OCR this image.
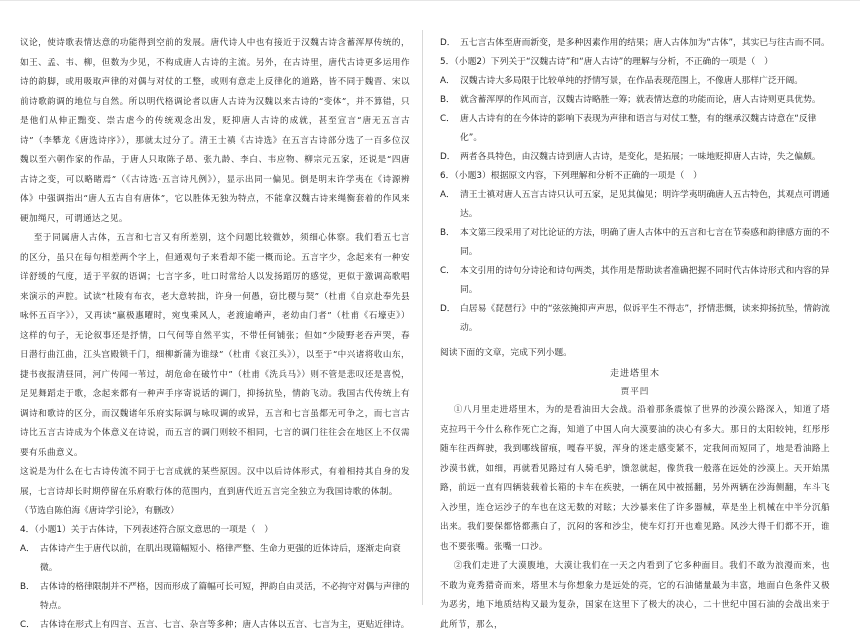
议论，使诗歌表情达意的功能得到空前的发展。唐代诗人中也有接近于汉魏古诗含蓄浑厚传统的，如王、孟、韦、柳，但数为少见，不构成唐人古诗的主流。另外，在古诗里，唐代古诗更多运用作诗的韵脚，或用吸取声律的对偶与对仗的工整，或则有意走上反律化的道路，皆不同于魏晋、宋以前诗歌韵调的地位与自然。所以明代格调论者以唐人古诗为汉魏以来古诗的“变体”，并不算错，只是他们从伸正黜变、崇古虐今的传统观念出发，贬抑唐人古诗的成就，甚至宣言“唐无五言古诗”（李攀龙《唐选诗序》），那就太过分了。清王士禛《古诗选》在五言古诗部分选了一百多位汉魏以至六朝作家的作品，于唐人只取陈子昂、张九龄、李白、韦应物、柳宗元五家，还说是“四唐古诗之变，可以略睹焉”（《古诗选·五言诗凡例》），显示出同一偏见。倒是明末许学夷在《诗源辨体》中强调指出“唐人五古自有唐体”，它以胜体无独为特点，不能拿汉魏古诗来绳衡套着的作风来硬加绳尺，可谓通达之见。

至于同属唐人古体，五言和七言又有所差别，这个问题比较微妙，须细心体察。我们看五七言的区分，虽只在每句相差两个字上，但通观句子来看却不能一概而论。五言字少，念起来有一种安详舒缓的气度，适于平叙的语调；七言字多，吐口时常给人以发扬蹈厉的感觉，更似于激调高歌唱来演示的声腔。试读“杜陵有布衣，老大意转拙，许身一何愚，窃比稷与契”（杜甫《自京赴奉先县咏怀五百字》），又再读“羸极惠曜时，宛曳乘风人，老渡逾嵴声，老幼由门者”（杜甫《石壕吏》）这样的句子，无论叙事还是抒情，口气何等自然平实，不带任何铺张；但如“少陵野老吞声哭，春日潜行曲江曲，江头宫殿锁千门，细柳新蒲为谁绿”（杜甫《哀江头》），以至于“中兴诸将收山东，捷书夜报清昼同，河广传闻一苇过，胡危命在破竹中”（杜甫《洗兵马》）则不管是悲叹还是喜悦，足见舞蹈走于歌，念起来都有一种声手序寄说话的调门，抑扬抗坠，情韵飞动。我国古代传统上有调诗和歌诗的区分，而汉魏诸年乐府实际调与咏叹调的或异，五言和七言虽都无可争之，而七言古诗比五言古诗成为个体意义在诗说，而五言的调门则较不相同，七言的调门往往会在地区上不仅需要有乐曲意义。

这说是为什么在七古诗传流不同于七言成就的某些原因。汉中以后诗体形式，有着相持其自身的发展，七言诗却长时期停留在乐府歌行体的范围内，直到唐代近五言完全独立为我国诗歌的体制。

（节选自陈伯海《唐诗学引论》，有删改）

4．（小题1）关于古体诗，下列表述符合原文意思的一项是（　）

A． 古体诗产生于唐代以前，在肌出现篇幅短小、格律严整、生命力更强的近体诗后，逐渐走向衰微。

B． 古体诗的格律限制并不严格，因而形成了篇幅可长可短，押韵自由灵活，不必拘守对偶与声律的特点。

C． 古体诗在形式上有四言、五言、七言、杂言等多种；唐人古体以五言、七言为主，更贴近律诗。

D． 五七言古体至唐而新变，是多种因素作用的结果；唐人古体加为“古体”，其实已与往古而不同。

5．（小题2）下列关于“汉魏古诗”和“唐人古诗”的理解与分析，不正确的一项是（　）

A． 汉魏古诗大多局限于比较单纯的抒情写景，在作品表现范围上，不像唐人那样广泛开阔。

B． 就含蓄浑厚的作风而言，汉魏古诗略胜一筹；就表情达意的功能而论，唐人古诗则更具优势。

C． 唐人古诗有的在今体诗的影响下表现为声律和语言与对仗工整，有的继承汉魏古诗意在“反律化”。

D． 两者各具特色，由汉魏古诗到唐人古诗，是变化，是拓展；一味地贬抑唐人古诗，失之偏颇。

6．（小题3）根据原文内容，下列理解和分析不正确的一项是（　）

A． 清王士禛对唐人五言古诗只认可五家，足见其偏见；明许学夷明确唐人五古特色，其观点可谓通达。

B． 本文第三段采用了对比论证的方法，明确了唐人古体中的五言和七言在节奏感和韵律感方面的不同。

C． 本文引用的诗句分诗论和诗句两类，其作用是帮助读者准确把握不同时代古体诗形式和内容的异同。

D． 白居易《琵琶行》中的“弦弦掩抑声声思，似诉平生不得志”，抒情悲慨，读来抑扬抗坠，情韵流动。

阅读下面的文章，完成下列小题。

走进塔里木

贾平凹

①八月里走进塔里木，为的是看油田大会战。沿着那条震惊了世界的沙漠公路深入，知道了塔克拉玛干今什么称作死亡之海，知道了中国人向大漠要油的决心有多大。那日的太阳较钝，红彤彤随车往西辉驶，我到哪线留痕，嘎春平貌，浑身的迷走感变紧不，定我间而短同了，地是看油路上沙漠书就，如细，再就看见路过有人骑毛驴，馈忽就起，像货我一般落在远处的沙漠上。天开始黑路，前远一直有四辆装载着长箱的卡车在疾驶，一辆在风中被摇翻，另外两辆在沙海侧翻，车斗飞入沙里，连仓运沙子的车也在这无数的对眩；大沙暴来住了许多器械，草是坐上机械在中半分沉船出来。我们要保都恪都燕白了，沉闷的客和沙尘，使车灯打开也难见路。风沙大得千们都不开，谁也不要张嘴。张嘴一口沙。

②我们走进了大漠腹地，大漠让我们在一天之内看到了它多种面目。我们不敢为浪漫而来，也不敢为竟秀猎奇而来，塔里木与你想象力是远处的亮，它的石油储量最为丰富，地面白色条件又极为恶劣，地下地质结构又最为复杂，国家在这里下了极大的决心，二十世纪中国石油的会战出来于此所节，那么，
